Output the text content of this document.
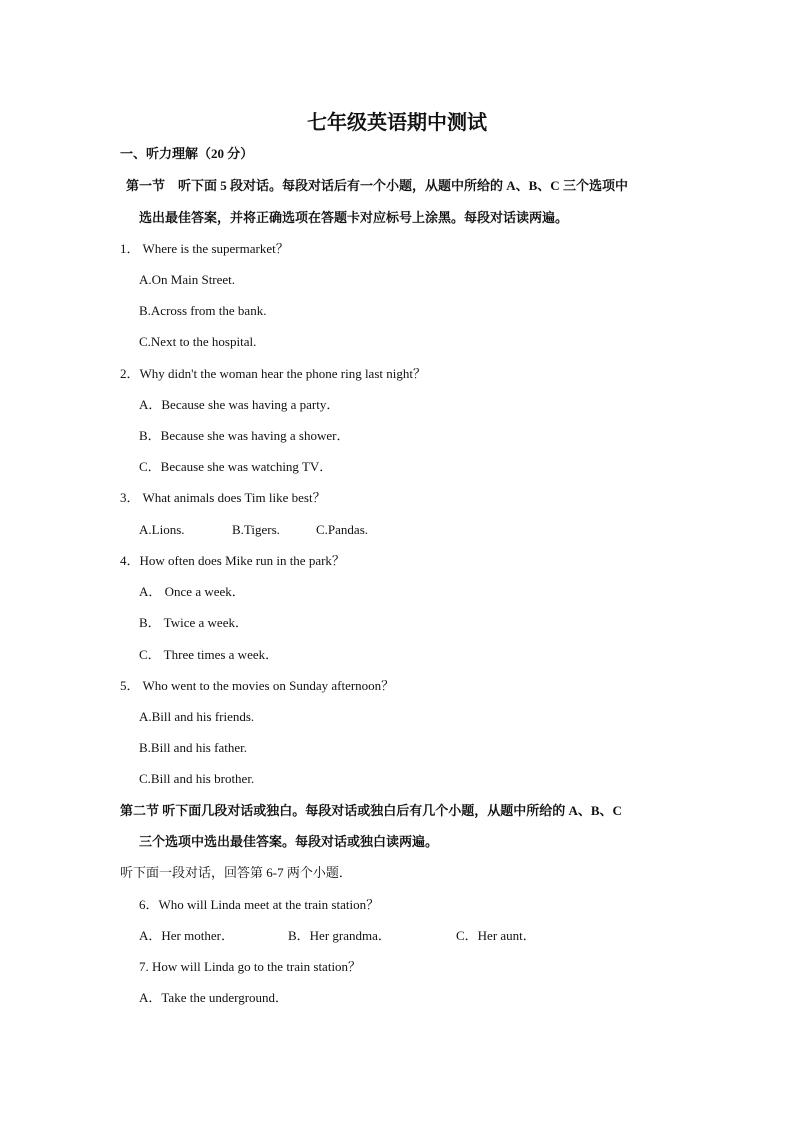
七年级英语期中测试
一、听力理解（20 分）
第一节　听下面 5 段对话。每段对话后有一个小题，从题中所给的 A、B、C 三个选项中
选出最佳答案，并将正确选项在答题卡对应标号上涂黑。每段对话读两遍。
1． Where is the supermarket？
A.On Main Street.
B.Across from the bank.
C.Next to the hospital.
2．Why didn't the woman hear the phone ring last night？
A．Because she was having a party．
B．Because she was having a shower．
C．Because she was watching TV．
3． What animals does Tim like best？
A.Lions.	B.Tigers.	C.Pandas.
4．How often does Mike run in the park？
A． Once a week．
B． Twice a week．
C． Three times a week．
5． Who went to the movies on Sunday afternoon？
A.Bill and his friends.
B.Bill and his father.
C.Bill and his brother.
第二节 听下面几段对话或独白。每段对话或独白后有几个小题，从题中所给的 A、B、C
三个选项中选出最佳答案。每段对话或独白读两遍。
听下面一段对话，回答第 6-7 两个小题．
6．Who will Linda meet at the train station？
A．Her mother．	B．Her grandma．	C．Her aunt．
7. How will Linda go to the train station？
A．Take the underground．
